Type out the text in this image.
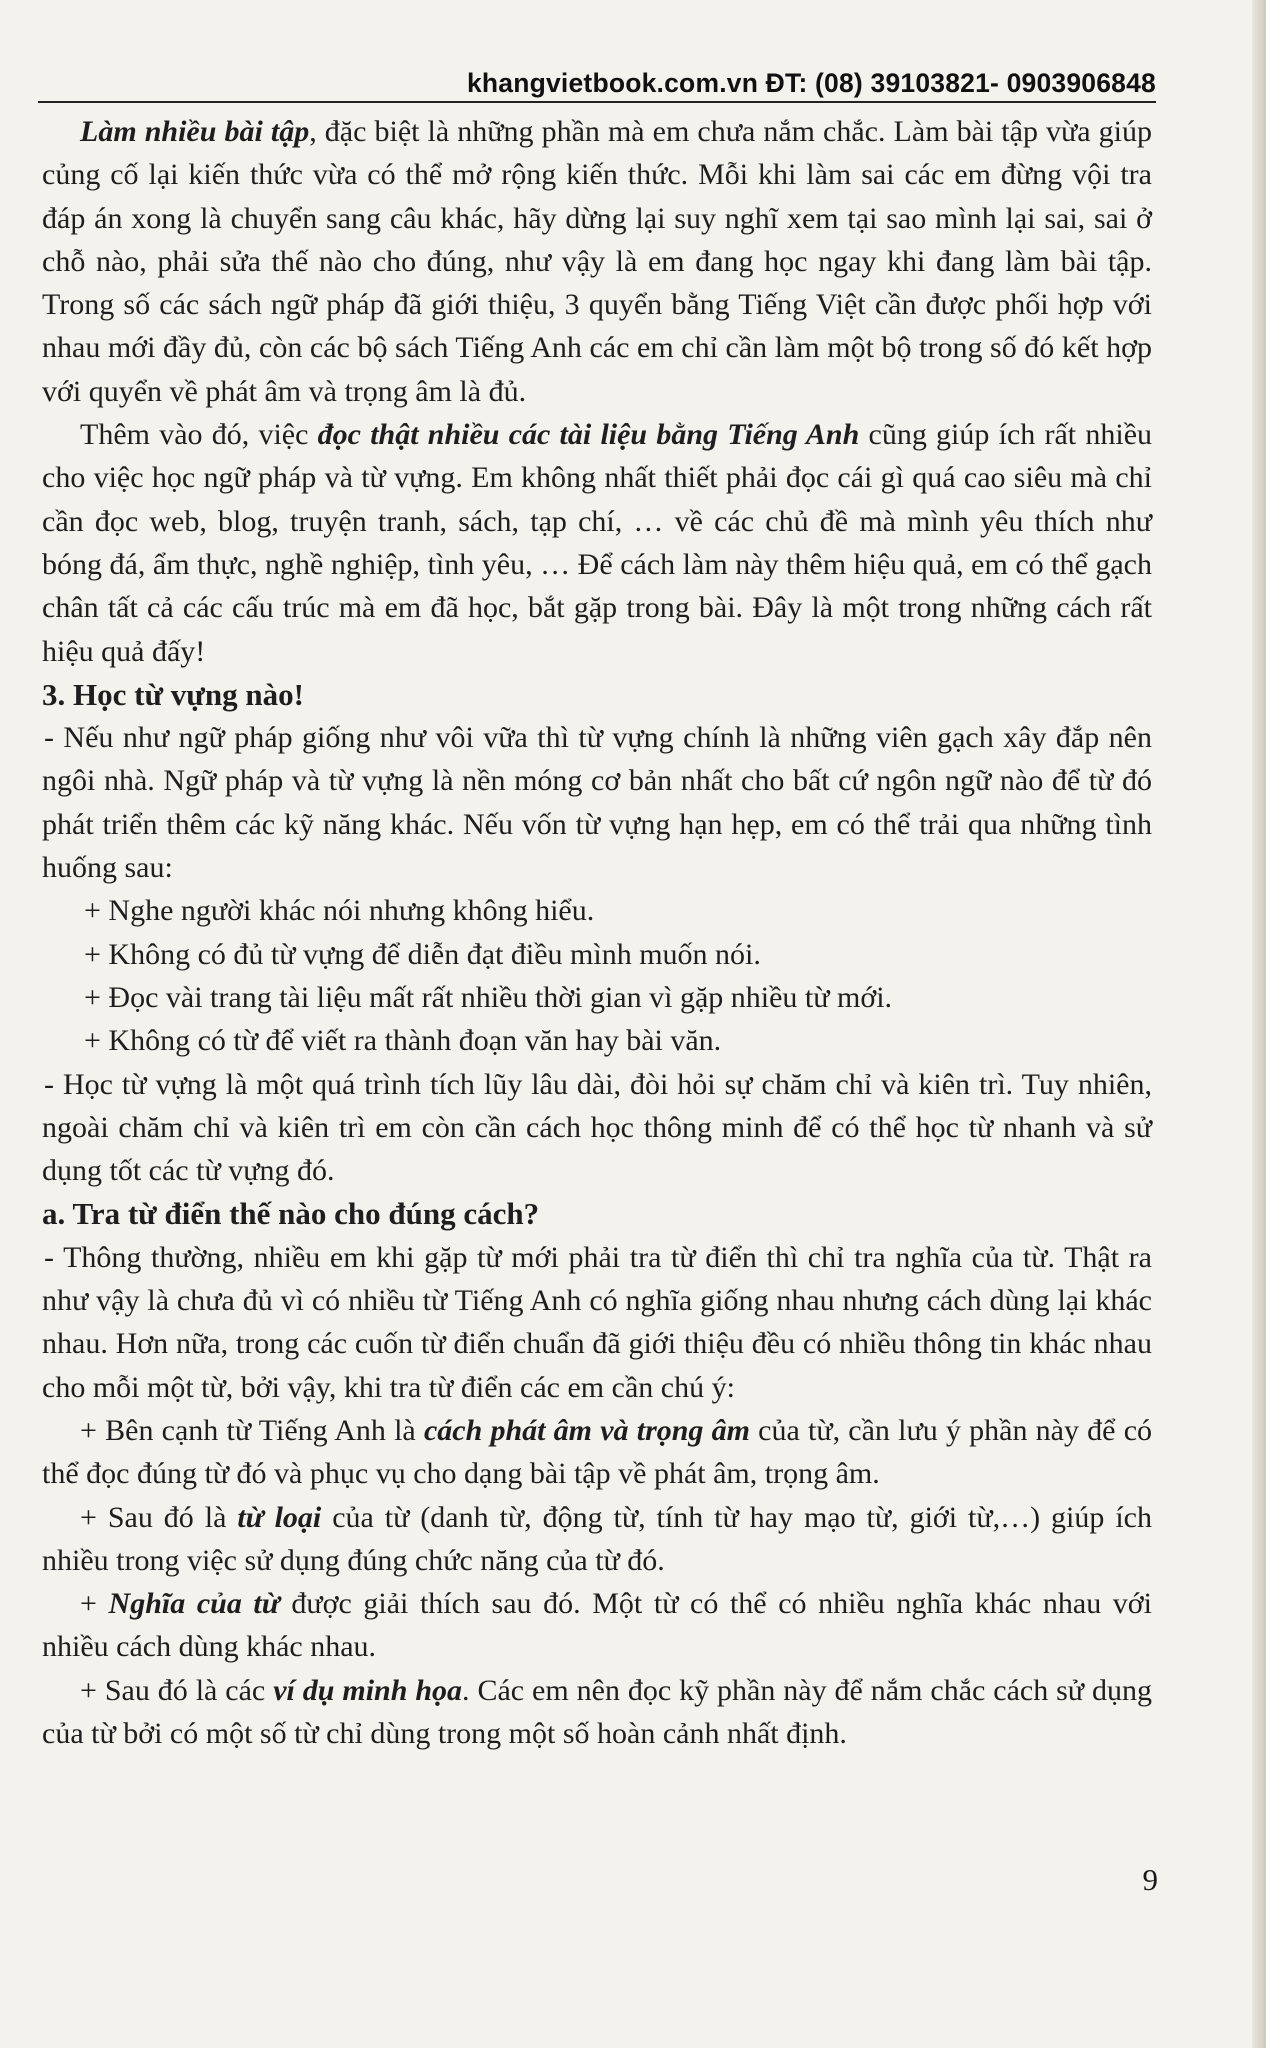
khangvietbook.com.vn ĐT: (08) 39103821- 0903906848

Làm nhiều bài tập, đặc biệt là những phần mà em chưa nắm chắc. Làm bài tập vừa giúp củng cố lại kiến thức vừa có thể mở rộng kiến thức. Mỗi khi làm sai các em đừng vội tra đáp án xong là chuyển sang câu khác, hãy dừng lại suy nghĩ xem tại sao mình lại sai, sai ở chỗ nào, phải sửa thế nào cho đúng, như vậy là em đang học ngay khi đang làm bài tập. Trong số các sách ngữ pháp đã giới thiệu, 3 quyển bằng Tiếng Việt cần được phối hợp với nhau mới đầy đủ, còn các bộ sách Tiếng Anh các em chỉ cần làm một bộ trong số đó kết hợp với quyển về phát âm và trọng âm là đủ.

Thêm vào đó, việc đọc thật nhiều các tài liệu bằng Tiếng Anh cũng giúp ích rất nhiều cho việc học ngữ pháp và từ vựng. Em không nhất thiết phải đọc cái gì quá cao siêu mà chỉ cần đọc web, blog, truyện tranh, sách, tạp chí, … về các chủ đề mà mình yêu thích như bóng đá, ẩm thực, nghề nghiệp, tình yêu, … Để cách làm này thêm hiệu quả, em có thể gạch chân tất cả các cấu trúc mà em đã học, bắt gặp trong bài. Đây là một trong những cách rất hiệu quả đấy!

3. Học từ vựng nào!

- Nếu như ngữ pháp giống như vôi vữa thì từ vựng chính là những viên gạch xây đắp nên ngôi nhà. Ngữ pháp và từ vựng là nền móng cơ bản nhất cho bất cứ ngôn ngữ nào để từ đó phát triển thêm các kỹ năng khác. Nếu vốn từ vựng hạn hẹp, em có thể trải qua những tình huống sau:

+ Nghe người khác nói nhưng không hiểu.

+ Không có đủ từ vựng để diễn đạt điều mình muốn nói.

+ Đọc vài trang tài liệu mất rất nhiều thời gian vì gặp nhiều từ mới.

+ Không có từ để viết ra thành đoạn văn hay bài văn.

- Học từ vựng là một quá trình tích lũy lâu dài, đòi hỏi sự chăm chỉ và kiên trì. Tuy nhiên, ngoài chăm chỉ và kiên trì em còn cần cách học thông minh để có thể học từ nhanh và sử dụng tốt các từ vựng đó.

a. Tra từ điển thế nào cho đúng cách?

- Thông thường, nhiều em khi gặp từ mới phải tra từ điển thì chỉ tra nghĩa của từ. Thật ra như vậy là chưa đủ vì có nhiều từ Tiếng Anh có nghĩa giống nhau nhưng cách dùng lại khác nhau. Hơn nữa, trong các cuốn từ điển chuẩn đã giới thiệu đều có nhiều thông tin khác nhau cho mỗi một từ, bởi vậy, khi tra từ điển các em cần chú ý:

+ Bên cạnh từ Tiếng Anh là cách phát âm và trọng âm của từ, cần lưu ý phần này để có thể đọc đúng từ đó và phục vụ cho dạng bài tập về phát âm, trọng âm.

+ Sau đó là từ loại của từ (danh từ, động từ, tính từ hay mạo từ, giới từ,…) giúp ích nhiều trong việc sử dụng đúng chức năng của từ đó.

+ Nghĩa của từ được giải thích sau đó. Một từ có thể có nhiều nghĩa khác nhau với nhiều cách dùng khác nhau.

+ Sau đó là các ví dụ minh họa. Các em nên đọc kỹ phần này để nắm chắc cách sử dụng của từ bởi có một số từ chỉ dùng trong một số hoàn cảnh nhất định.

9
